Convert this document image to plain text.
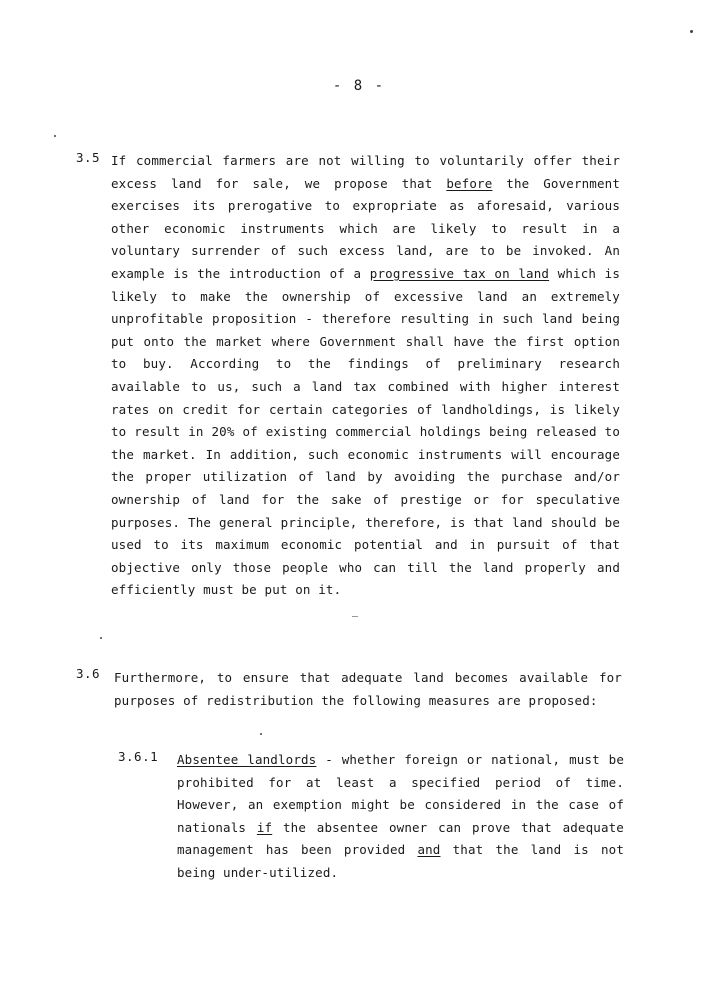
- 8 -
3.5 If commercial farmers are not willing to voluntarily offer their excess land for sale, we propose that before the Government exercises its prerogative to expropriate as aforesaid, various other economic instruments which are likely to result in a voluntary surrender of such excess land, are to be invoked. An example is the introduction of a progressive tax on land which is likely to make the ownership of excessive land an extremely unprofitable proposition - therefore resulting in such land being put onto the market where Government shall have the first option to buy. According to the findings of preliminary research available to us, such a land tax combined with higher interest rates on credit for certain categories of landholdings, is likely to result in 20% of existing commercial holdings being released to the market. In addition, such economic instruments will encourage the proper utilization of land by avoiding the purchase and/or ownership of land for the sake of prestige or for speculative purposes. The general principle, therefore, is that land should be used to its maximum economic potential and in pursuit of that objective only those people who can till the land properly and efficiently must be put on it.

3.6 Furthermore, to ensure that adequate land becomes available for purposes of redistribution the following measures are proposed:

3.6.1 Absentee landlords - whether foreign or national, must be prohibited for at least a specified period of time. However, an exemption might be considered in the case of nationals if the absentee owner can prove that adequate management has been provided and that the land is not being under-utilized.
